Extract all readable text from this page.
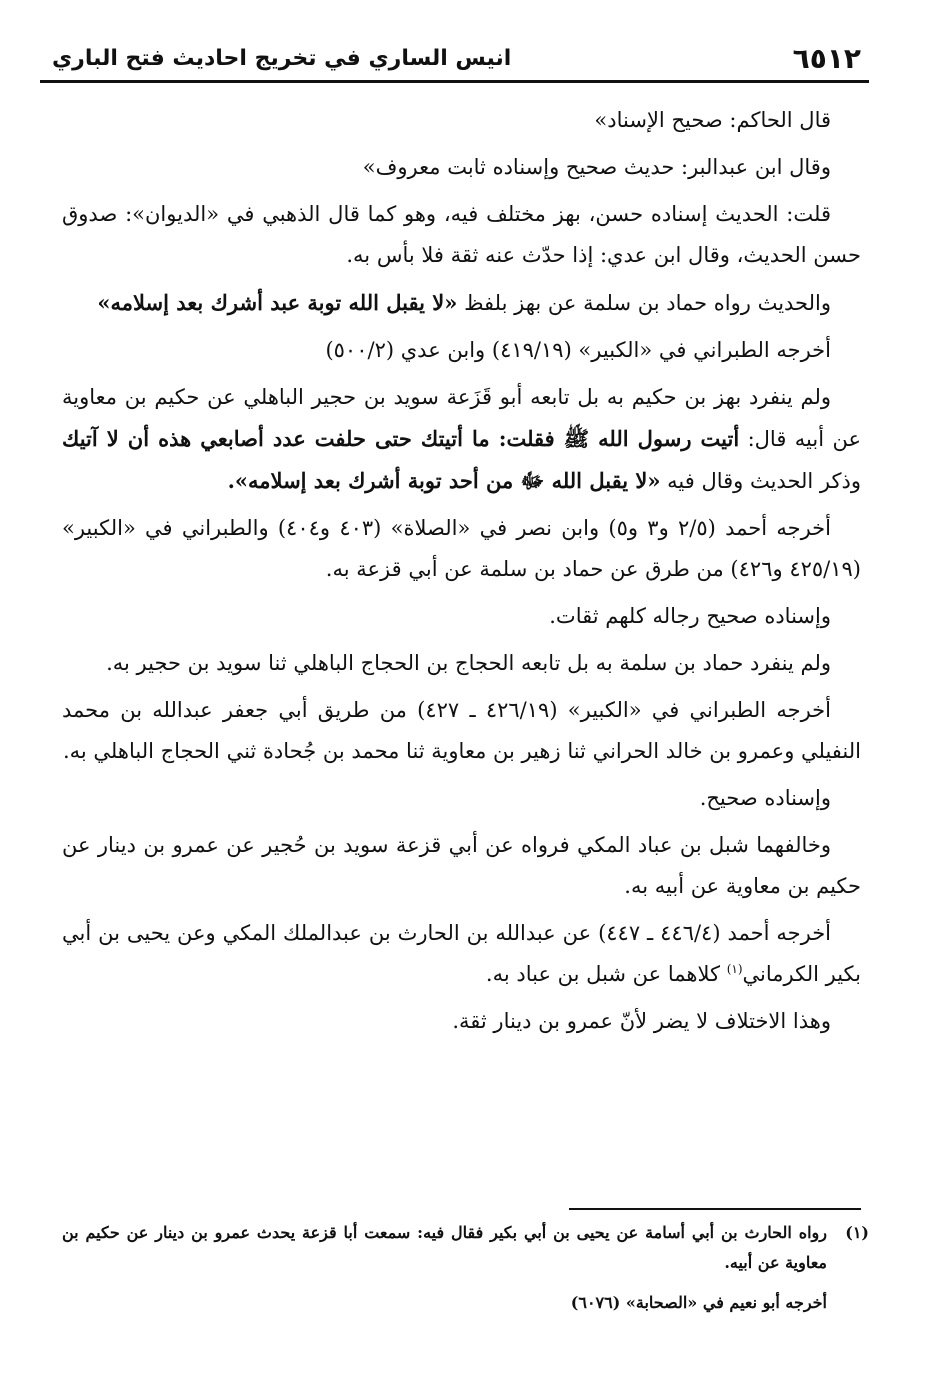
٦٥١٢
انيس الساري في تخريج احاديث فتح الباري

قال الحاكم: صحيح الإسناد»

وقال ابن عبدالبر: حديث صحيح وإسناده ثابت معروف»

قلت: الحديث إسناده حسن، بهز مختلف فيه، وهو كما قال الذهبي في «الديوان»: صدوق حسن الحديث، وقال ابن عدي: إذا حدّث عنه ثقة فلا بأس به.

والحديث رواه حماد بن سلمة عن بهز بلفظ «لا يقبل الله توبة عبد أشرك بعد إسلامه»

أخرجه الطبراني في «الكبير» (٤١٩/١٩) وابن عدي (٥٠٠/٢)

ولم ينفرد بهز بن حكيم به بل تابعه أبو قَزَعة سويد بن حجير الباهلي عن حكيم بن معاوية عن أبيه قال: أتيت رسول الله ﷺ فقلت: ما أتيتك حتى حلفت عدد أصابعي هذه أن لا آتيك وذكر الحديث وقال فيه «لا يقبل الله ﷻ من أحد توبة أشرك بعد إسلامه».

أخرجه أحمد (٢/٥ و٣ و٥) وابن نصر في «الصلاة» (٤٠٣ و٤٠٤) والطبراني في «الكبير» (٤٢٥/١٩ و٤٢٦) من طرق عن حماد بن سلمة عن أبي قزعة به.

وإسناده صحيح رجاله كلهم ثقات.

ولم ينفرد حماد بن سلمة به بل تابعه الحجاج بن الحجاج الباهلي ثنا سويد بن حجير به.

أخرجه الطبراني في «الكبير» (٤٢٦/١٩ ـ ٤٢٧) من طريق أبي جعفر عبدالله بن محمد النفيلي وعمرو بن خالد الحراني ثنا زهير بن معاوية ثنا محمد بن جُحادة ثني الحجاج الباهلي به.

وإسناده صحيح.

وخالفهما شبل بن عباد المكي فرواه عن أبي قزعة سويد بن حُجير عن عمرو بن دينار عن حكيم بن معاوية عن أبيه به.

أخرجه أحمد (٤٤٦/٤ ـ ٤٤٧) عن عبدالله بن الحارث بن عبدالملك المكي وعن يحيى بن أبي بكير الكرماني$^{(١)}$ كلاهما عن شبل بن عباد به.

وهذا الاختلاف لا يضر لأنّ عمرو بن دينار ثقة.

(١)
رواه الحارث بن أبي أسامة عن يحيى بن أبي بكير فقال فيه: سمعت أبا قزعة يحدث عمرو بن دينار عن حكيم بن معاوية عن أبيه.
أخرجه أبو نعيم في «الصحابة» (٦٠٧٦)
